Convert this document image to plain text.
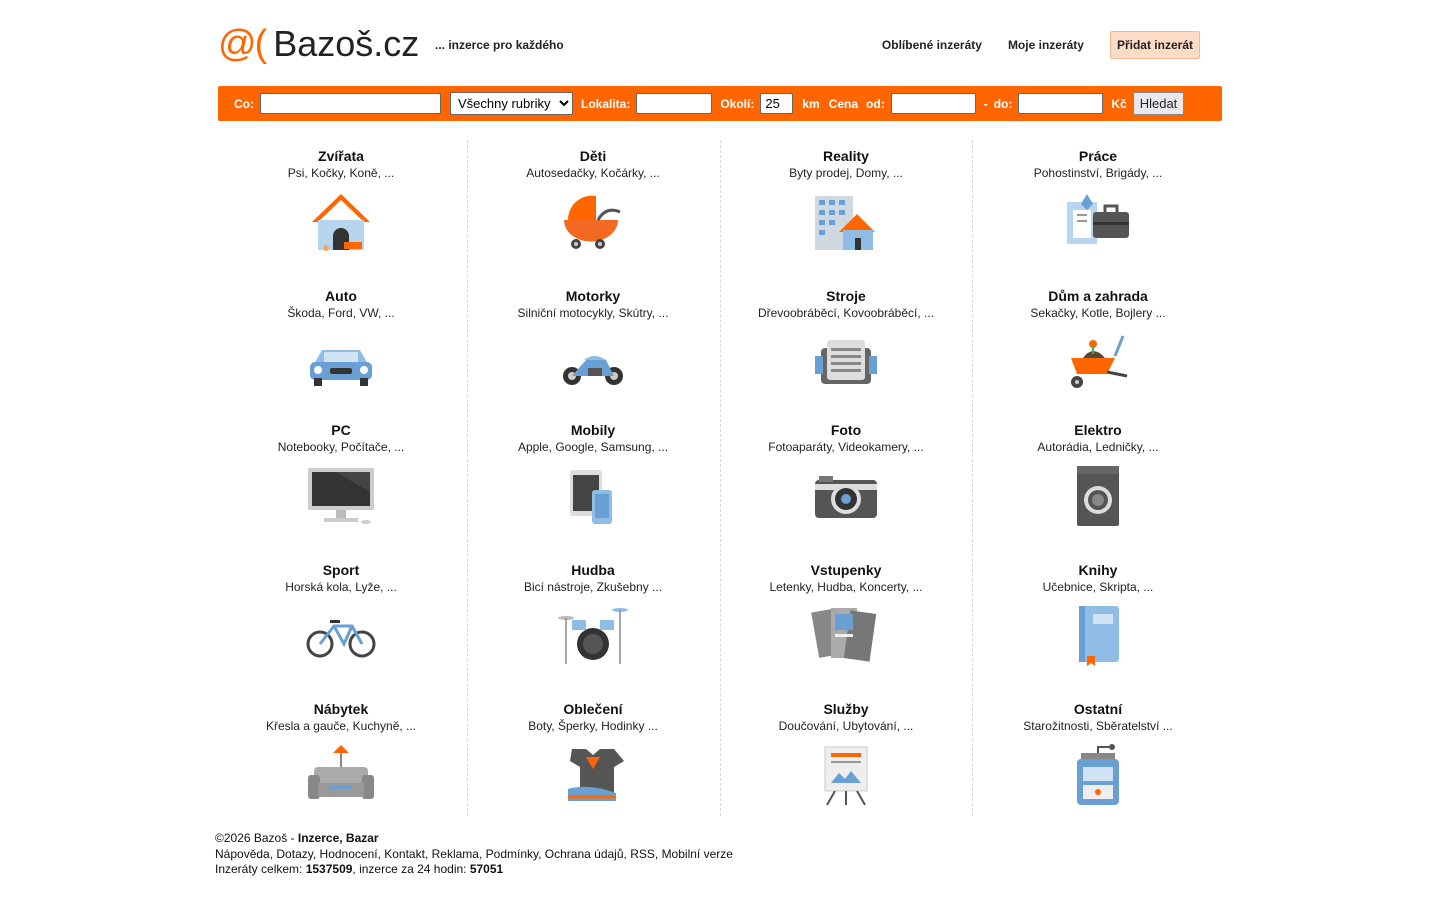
@( Bazoš.cz ... inzerce pro každého	Oblíbené inzeráty Moje inzeráty	Přidat inzerát
Co:
Všechny rubriky	Lokalita:	Okolí:
25	km Cena od:	- do:	Kč	Hledat
Zvířata
Psi, Kočky, Koně, ...
Děti
Autosedačky, Kočárky, ...
Reality
Byty prodej, Domy, ...
Práce
Pohostinství, Brigády, ...
Auto
Škoda, Ford, VW, ...
Motorky
Silniční motocykly, Skútry, ...
Stroje
Dřevoobráběcí, Kovoobráběcí, ...
Dům a zahrada
Sekačky, Kotle, Bojlery ...
PC
Notebooky, Počítače, ...
Mobily
Apple, Google, Samsung, ...
Foto
Fotoaparáty, Videokamery, ...
Elektro
Autorádia, Ledničky, ...
Sport
Horská kola, Lyže, ...
Hudba
Bicí nástroje, Zkušebny ...
Vstupenky
Letenky, Hudba, Koncerty, ...
Knihy
Učebnice, Skripta, ...
Nábytek
Křesla a gauče, Kuchyně, ...
Oblečení
Boty, Šperky, Hodinky ...
Služby
Doučování, Ubytování, ...
Ostatní
Starožitnosti, Sběratelství ...
©2026 Bazoš - Inzerce, Bazar
Nápověda, Dotazy, Hodnocení, Kontakt, Reklama, Podmínky, Ochrana údajů, RSS, Mobilní verze
Inzeráty celkem: 1537509, inzerce za 24 hodin: 57051
